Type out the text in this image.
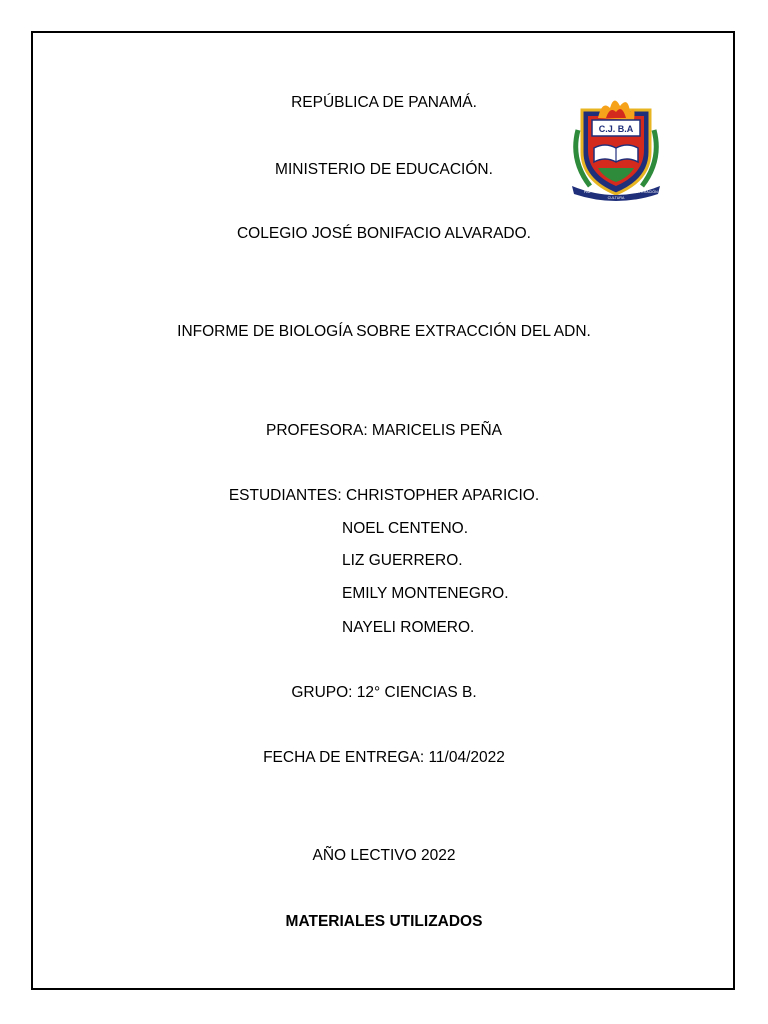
REPÚBLICA DE PANAMÁ.
MINISTERIO DE EDUCACIÓN.
COLEGIO JOSÉ BONIFACIO ALVARADO.
C.J. B.A
PAZ
CULTURA
SUPERACIÓN
INFORME DE BIOLOGÍA SOBRE EXTRACCIÓN DEL ADN.
PROFESORA: MARICELIS PEÑA
ESTUDIANTES: CHRISTOPHER APARICIO.
NOEL CENTENO.
LIZ GUERRERO.
EMILY MONTENEGRO.
NAYELI ROMERO.
GRUPO: 12° CIENCIAS B.
FECHA DE ENTREGA: 11/04/2022
AÑO LECTIVO 2022
MATERIALES UTILIZADOS
